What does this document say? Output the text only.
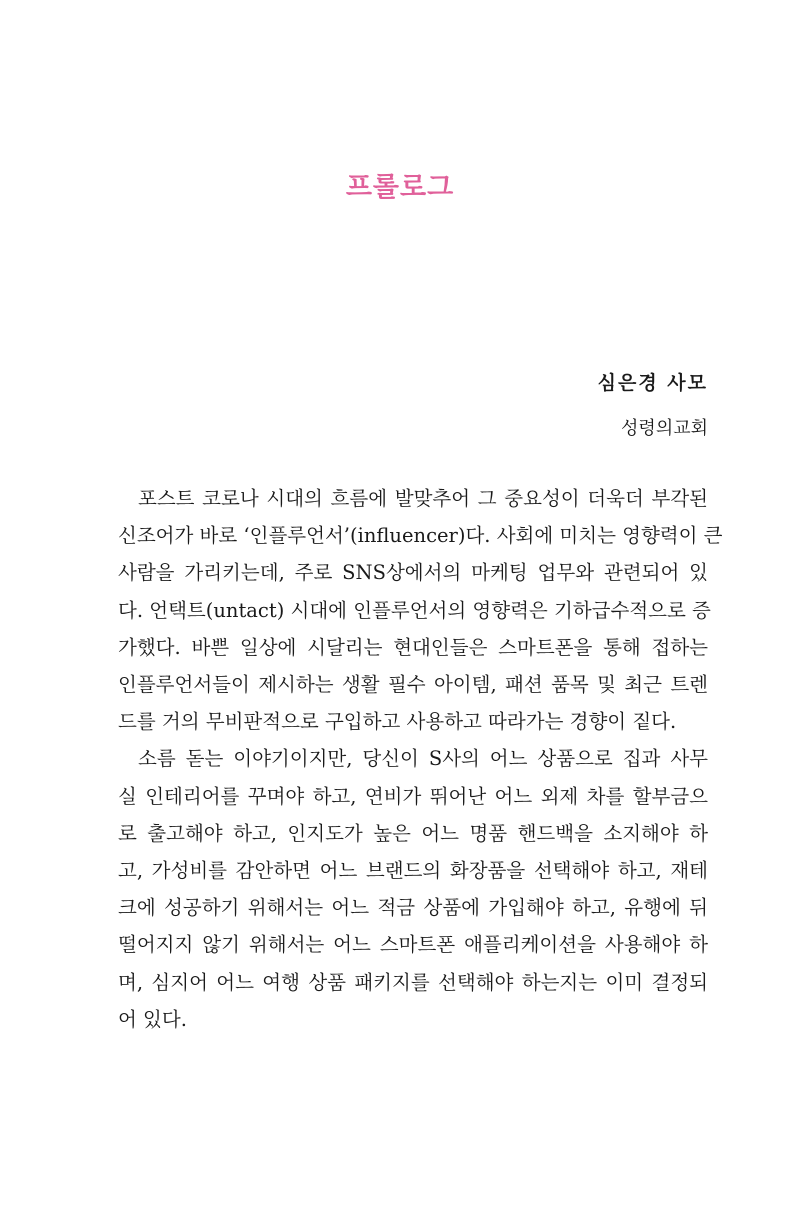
프롤로그
심은경 사모
성령의교회
포스트 코로나 시대의 흐름에 발맞추어 그 중요성이 더욱더 부각된
신조어가 바로 ‘인플루언서’(influencer)다. 사회에 미치는 영향력이 큰
사람을 가리키는데, 주로 SNS상에서의 마케팅 업무와 관련되어 있
다. 언택트(untact) 시대에 인플루언서의 영향력은 기하급수적으로 증
가했다. 바쁜 일상에 시달리는 현대인들은 스마트폰을 통해 접하는
인플루언서들이 제시하는 생활 필수 아이템, 패션 품목 및 최근 트렌
드를 거의 무비판적으로 구입하고 사용하고 따라가는 경향이 짙다.
소름 돋는 이야기이지만, 당신이 S사의 어느 상품으로 집과 사무
실 인테리어를 꾸며야 하고, 연비가 뛰어난 어느 외제 차를 할부금으
로 출고해야 하고, 인지도가 높은 어느 명품 핸드백을 소지해야 하
고, 가성비를 감안하면 어느 브랜드의 화장품을 선택해야 하고, 재테
크에 성공하기 위해서는 어느 적금 상품에 가입해야 하고, 유행에 뒤
떨어지지 않기 위해서는 어느 스마트폰 애플리케이션을 사용해야 하
며, 심지어 어느 여행 상품 패키지를 선택해야 하는지는 이미 결정되
어 있다.
